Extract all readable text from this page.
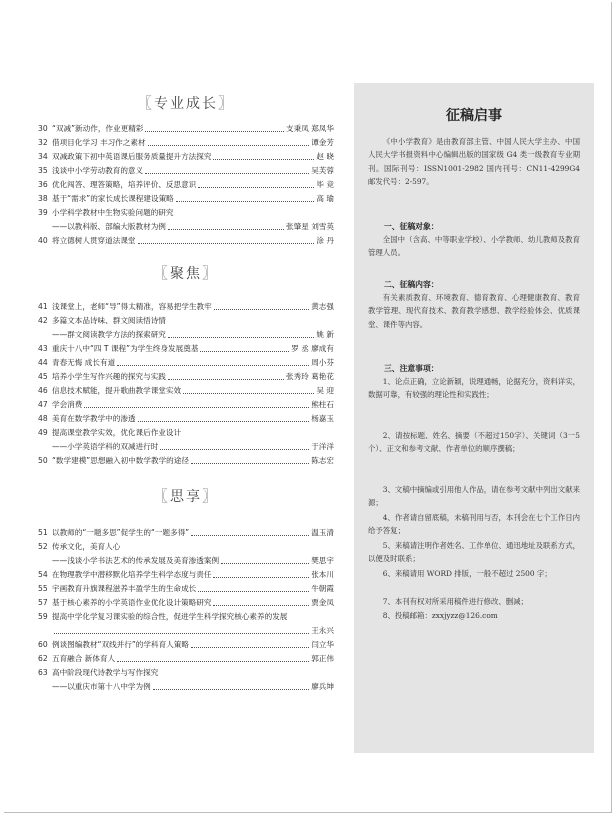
〖专业成长〗
〖聚焦〗
〖思享〗
30 “双减”新动作，作业更精彩	支秉凤 郑凤华
32 借项目化学习 丰习作之素材	谭金芳
34 双减政策下初中英语课后服务质量提升方法探究	赵 晓
35 浅谈中小学劳动教育的意义	吴芙蓉
36 优化闯答、理答策略，培养评价、反思意识	毕 竞
38 基于“需求”的家长成长课程建设策略	高 瑜
39 小学科学教材中生物实验问题的研究
——以教科版、部编大版教材为例	张肇星 刘雪英
40 将立德树人贯穿道法课堂	涂 丹
41 浅课堂上，老师“导”得太精准，容易把学生教牢	黄志强
42 多篇文本品诗味、群文阅读悟诗情
——群文阅读教学方法的探索研究	姚 新
43 重庆十八中“四 T 课程”为学生终身发展奠基	罗 丞 廖成有
44 青春无悔 成长有道	周小芬
45 培养小学生写作兴趣的探究与实践	张秀玲 葛艳花
46 信息技术赋能，提升歌曲教学课堂实效	吴 迎
47 学会消费	熊柱石
48 美育在数学教学中的渗透	杨嘉玉
49 提高课堂教学实效，优化课后作业设计
——小学英语学科的双减进行时	于洋洋
50 “数学建模”思想融入初中数学教学的途径	陈志宏
51 以教师的“一题多思”促学生的“一题多得”	温玉清
52 传承文化，美育人心
——浅谈小学书法艺术的传承发展及美育渗透案例	樊思宇
54 在物理教学中潜移默化培养学生科学态度与责任	张本川
55 宇画教育升旗课程滋养丰盈学生的生命成长	牛朝霞
57 基于核心素养的小学英语作业优化设计策略研究	贾金凤
59 提高中学化学复习课实验的综合性，促进学生科学探究核心素养的发展
王永兴
60 例谈图编教材“双线并行”的学科育人策略	闫立华
62 五育融合 新体育人	郭正伟
63 高中阶段现代诗教学与写作探究
——以重庆市第十八中学为例	廖兵坤
征稿启事
《中小学教育》是由教育部主管、中国人民大学主办、中国人民大学书报资料中心编辑出版的国家级 G4 类一级教育专业期刊。国际刊号：ISSN1001-2982 国内刊号：CN11-4299G4 邮发代号：2-597。
一、征稿对象：
全国中（含高、中等职业学校）、小学教师、幼儿教师及教育管理人员。
二、征稿内容：
有关素质教育、环境教育、德育教育、心理健康教育、教育教学管理、现代育技术、教育教学感想、教学经验体会、优质课堂、课件等内容。
三、注意事项：
1、论点正确，立论新颖，说理通畅，论据充分，资料详实，数据可靠，有较强的理论性和实践性；
2、请按标题、姓名、摘要（不超过150字）、关键词（3一5个）、正文和参考文献、作者单位的顺序撰稿；
3、文稿中摘编或引用他人作品，请在参考文献中列出文献来源；
4、作者请自留底稿，未稿刊用与否，本刊会在七个工作日内给予答复；
5、来稿请注明作者姓名、工作单位、通迅地址及联系方式，以便及时联系；
6、来稿请用 WORD 排版，一般不超过 2500 字；
7、本刊有权对所采用稿件进行修改、删减；
8、投稿邮箱：zxxjyzz@126.com
